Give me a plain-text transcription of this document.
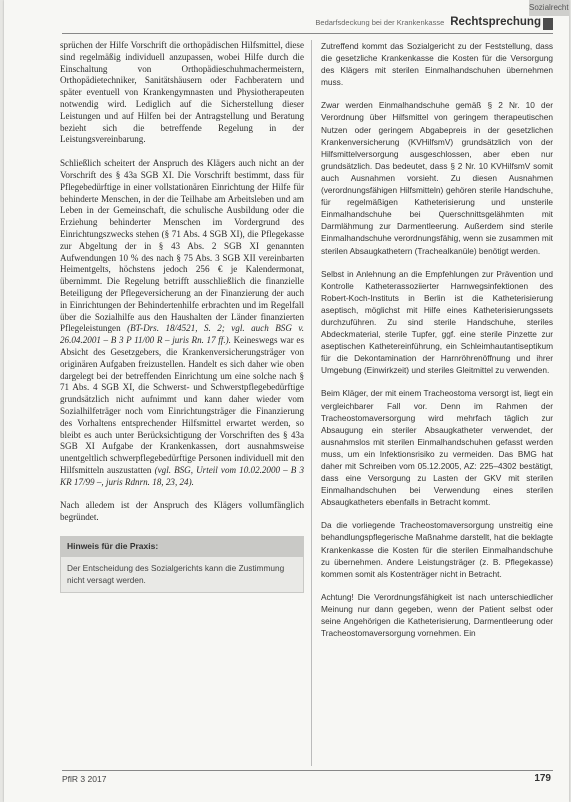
Sozialrecht
Bedarfsdeckung bei der Krankenkasse Rechtsprechung

sprüchen der Hilfe Vorschrift die orthopädischen Hilfsmittel, diese sind regelmäßig individuell anzupassen, wobei Hilfe durch die Einschaltung von Orthopädieschuhmachermeistern, Orthopädietechniker, Sanitätshäusern oder Fachberatern und später eventuell von Krankengymnasten und Physiotherapeuten notwendig wird. Lediglich auf die Sicherstellung dieser Leistungen und auf Hilfen bei der Antragstellung und Beratung bezieht sich die betreffende Regelung in der Leistungsvereinbarung.

Schließlich scheitert der Anspruch des Klägers auch nicht an der Vorschrift des § 43a SGB XI. Die Vorschrift bestimmt, dass für Pflegebedürftige in einer vollstationären Einrichtung der Hilfe für behinderte Menschen, in der die Teilhabe am Arbeitsleben und am Leben in der Gemeinschaft, die schulische Ausbildung oder die Erziehung behinderter Menschen im Vordergrund des Einrichtungszwecks stehen (§ 71 Abs. 4 SGB XI), die Pflegekasse zur Abgeltung der in § 43 Abs. 2 SGB XI genannten Aufwendungen 10 % des nach § 75 Abs. 3 SGB XII vereinbarten Heimentgelts, höchstens jedoch 256 € je Kalendermonat, übernimmt. Die Regelung betrifft ausschließlich die finanzielle Beteiligung der Pflegeversicherung an der Finanzierung der auch in Einrichtungen der Behindertenhilfe erbrachten und im Regelfall über die Sozialhilfe aus den Haushalten der Länder finanzierten Pflegeleistungen (BT-Drs. 18/4521, S. 2; vgl. auch BSG v. 26.04.2001 – B 3 P 11/00 R – juris Rn. 17 ff.). Keineswegs war es Absicht des Gesetzgebers, die Krankenversicherungsträger von originären Aufgaben freizustellen. Handelt es sich daher wie oben dargelegt bei der betreffenden Einrichtung um eine solche nach § 71 Abs. 4 SGB XI, die Schwerst- und Schwerstpflegebedürftige grundsätzlich nicht aufnimmt und kann daher wieder vom Sozialhilfeträger noch vom Einrichtungsträger die Finanzierung des Vorhaltens entsprechender Hilfsmittel erwartet werden, so bleibt es auch unter Berücksichtigung der Vorschriften des § 43a SGB XI Aufgabe der Krankenkassen, dort ausnahmsweise unentgeltlich schwerpflegebedürftige Personen individuell mit den Hilfsmitteln auszustatten (vgl. BSG, Urteil vom 10.02.2000 – B 3 KR 17/99 –, juris Rdnrn. 18, 23, 24).

Nach alledem ist der Anspruch des Klägers vollumfänglich begründet.

Hinweis für die Praxis:
Der Entscheidung des Sozialgerichts kann die Zustimmung nicht versagt werden.

Zutreffend kommt das Sozialgericht zu der Feststellung, dass die gesetzliche Krankenkasse die Kosten für die Versorgung des Klägers mit sterilen Einmalhandschuhen übernehmen muss.

Zwar werden Einmalhandschuhe gemäß § 2 Nr. 10 der Verordnung über Hilfsmittel von geringem therapeutischen Nutzen oder geringem Abgabepreis in der gesetzlichen Krankenversicherung (KVHilfsmV) grundsätzlich von der Hilfsmittelversorgung ausgeschlossen, aber eben nur grundsätzlich. Das bedeutet, dass § 2 Nr. 10 KVHilfsmV somit auch Ausnahmen vorsieht. Zu diesen Ausnahmen (verordnungsfähigen Hilfsmitteln) gehören sterile Handschuhe, für regelmäßigen Katheterisierung und unsterile Einmalhandschuhe bei Querschnittsgelähmten mit Darmlähmung zur Darmentleerung. Außerdem sind sterile Einmalhandschuhe verordnungsfähig, wenn sie zusammen mit sterilen Absaugkathetern (Trachealkanüle) benötigt werden.

Selbst in Anlehnung an die Empfehlungen zur Prävention und Kontrolle Katheterassoziierter Harnwegsinfektionen des Robert-Koch-Instituts in Berlin ist die Katheterisierung aseptisch, möglichst mit Hilfe eines Katheterisierungssets durchzuführen. Zu sind sterile Handschuhe, steriles Abdeckmaterial, sterile Tupfer, ggf. eine sterile Pinzette zur aseptischen Kathetereinführung, ein Schleimhautantiseptikum für die Dekontamination der Harnröhrenöffnung und ihrer Umgebung (Einwirkzeit) und steriles Gleitmittel zu verwenden.

Beim Kläger, der mit einem Tracheostoma versorgt ist, liegt ein vergleichbarer Fall vor. Denn im Rahmen der Tracheostomaversorgung wird mehrfach täglich zur Absaugung ein steriler Absaugkatheter verwendet, der ausnahmslos mit sterilen Einmalhandschuhen gefasst werden muss, um ein Infektionsrisiko zu vermeiden. Das BMG hat daher mit Schreiben vom 05.12.2005, AZ: 225–4302 bestätigt, dass eine Versorgung zu Lasten der GKV mit sterilen Einmalhandschuhen bei Verwendung eines sterilen Absaugkatheters ebenfalls in Betracht kommt.

Da die vorliegende Tracheostomaversorgung unstreitig eine behandlungspflegerische Maßnahme darstellt, hat die beklagte Krankenkasse die Kosten für die sterilen Einmalhandschuhe zu übernehmen. Andere Leistungsträger (z. B. Pflegekasse) kommen somit als Kostenträger nicht in Betracht.

Achtung! Die Verordnungsfähigkeit ist nach unterschiedlicher Meinung nur dann gegeben, wenn der Patient selbst oder seine Angehörigen die Katheterisierung, Darmentleerung oder Tracheostomaversorgung vornehmen. Ein

PflR 3 2017	179
